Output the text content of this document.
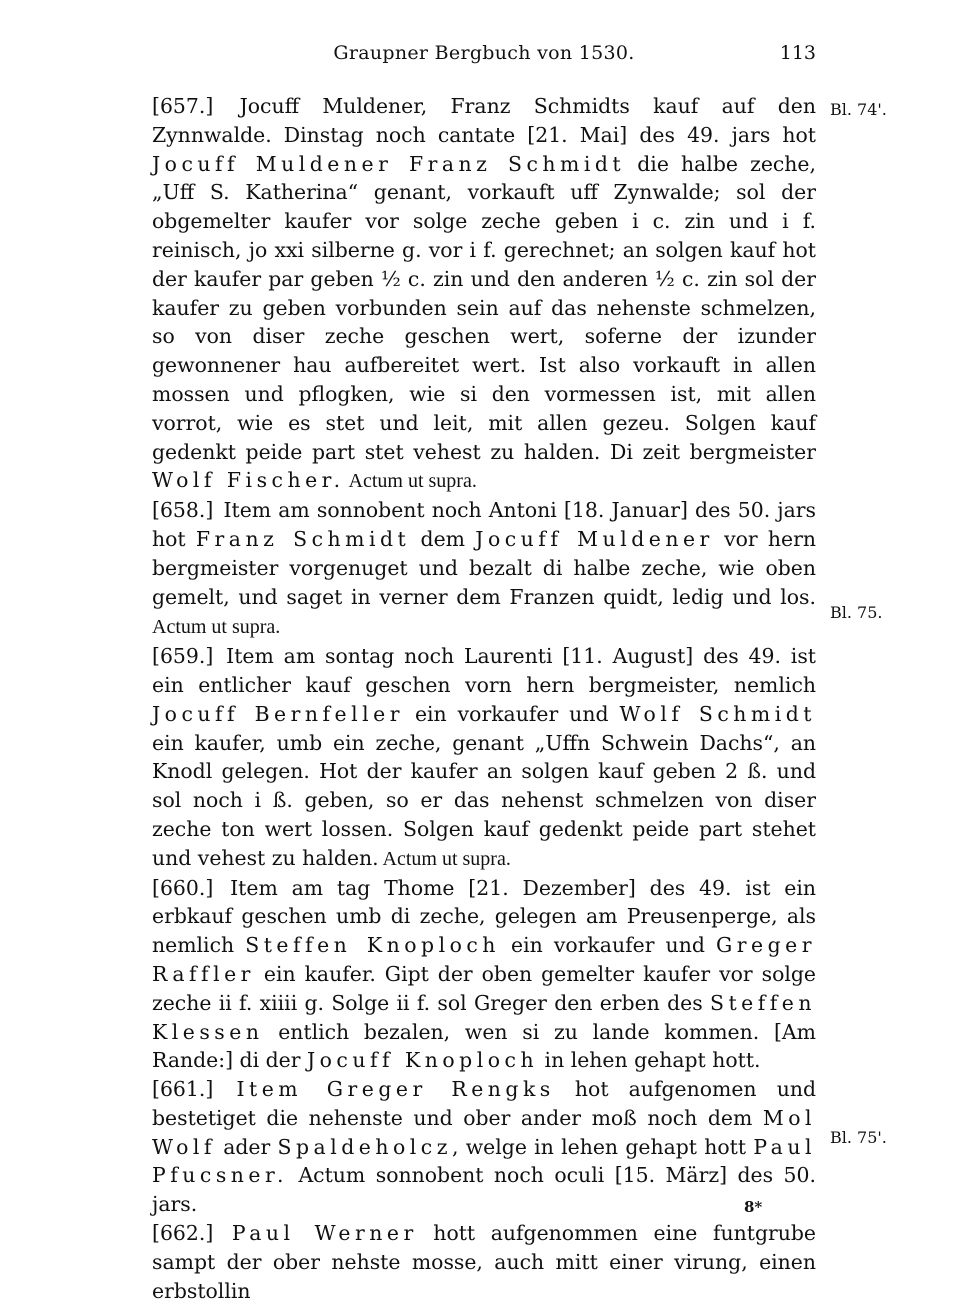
Graupner Bergbuch von 1530.	113
Bl. 74'.
Bl. 75.
Bl. 75'.

[657.] Jocuff Muldener, Franz Schmidts kauf auf den Zynnwalde. Dinstag noch cantate [21. Mai] des 49. jars hot Jocuff Muldener Franz Schmidt die halbe zeche, „Uff S. Katherina“ genant, vorkauft uff Zynwalde; sol der obgemelter kaufer vor solge zeche geben i c. zin und i f. reinisch, jo xxi silberne g. vor i f. gerechnet; an solgen kauf hot der kaufer par geben ½ c. zin und den anderen ½ c. zin sol der kaufer zu geben vorbunden sein auf das nehenste schmelzen, so von diser zeche geschen wert, soferne der izunder gewonnener hau aufbereitet wert. Ist also vorkauft in allen mossen und pflogken, wie si den vormessen ist, mit allen vorrot, wie es stet und leit, mit allen gezeu. Solgen kauf gedenkt peide part stet vehest zu halden. Di zeit bergmeister Wolf Fischer. Actum ut supra.

[658.] Item am sonnobent noch Antoni [18. Januar] des 50. jars hot Franz Schmidt dem Jocuff Muldener vor hern bergmeister vorgenuget und bezalt di halbe zeche, wie oben gemelt, und saget in verner dem Franzen quidt, ledig und los. Actum ut supra.

[659.] Item am sontag noch Laurenti [11. August] des 49. ist ein entlicher kauf geschen vorn hern bergmeister, nemlich Jocuff Bernfeller ein vorkaufer und Wolf Schmidt ein kaufer, umb ein zeche, genant „Uffn Schwein Dachs“, an Knodl gelegen. Hot der kaufer an solgen kauf geben 2 ß. und sol noch i ß. geben, so er das nehenst schmelzen von diser zeche ton wert lossen. Solgen kauf gedenkt peide part stehet und vehest zu halden. Actum ut supra.

[660.] Item am tag Thome [21. Dezember] des 49. ist ein erbkauf geschen umb di zeche, gelegen am Preusenperge, als nemlich Steffen Knoploch ein vorkaufer und Greger Raffler ein kaufer. Gipt der oben gemelter kaufer vor solge zeche ii f. xiiii g. Solge ii f. sol Greger den erben des Steffen Klessen entlich bezalen, wen si zu lande kommen. [Am Rande:] di der Jocuff Knoploch in lehen gehapt hott.

[661.] Item Greger Rengks hot aufgenomen und bestetiget die nehenste und ober ander moß noch dem Mol Wolf ader Spaldeholcz, welge in lehen gehapt hott Paul Pfucsner. Actum sonnobent noch oculi [15. März] des 50. jars.

[662.] Paul Werner hott aufgenommen eine funtgrube sampt der ober nehste mosse, auch mitt einer virung, einen erbstollin

8*
